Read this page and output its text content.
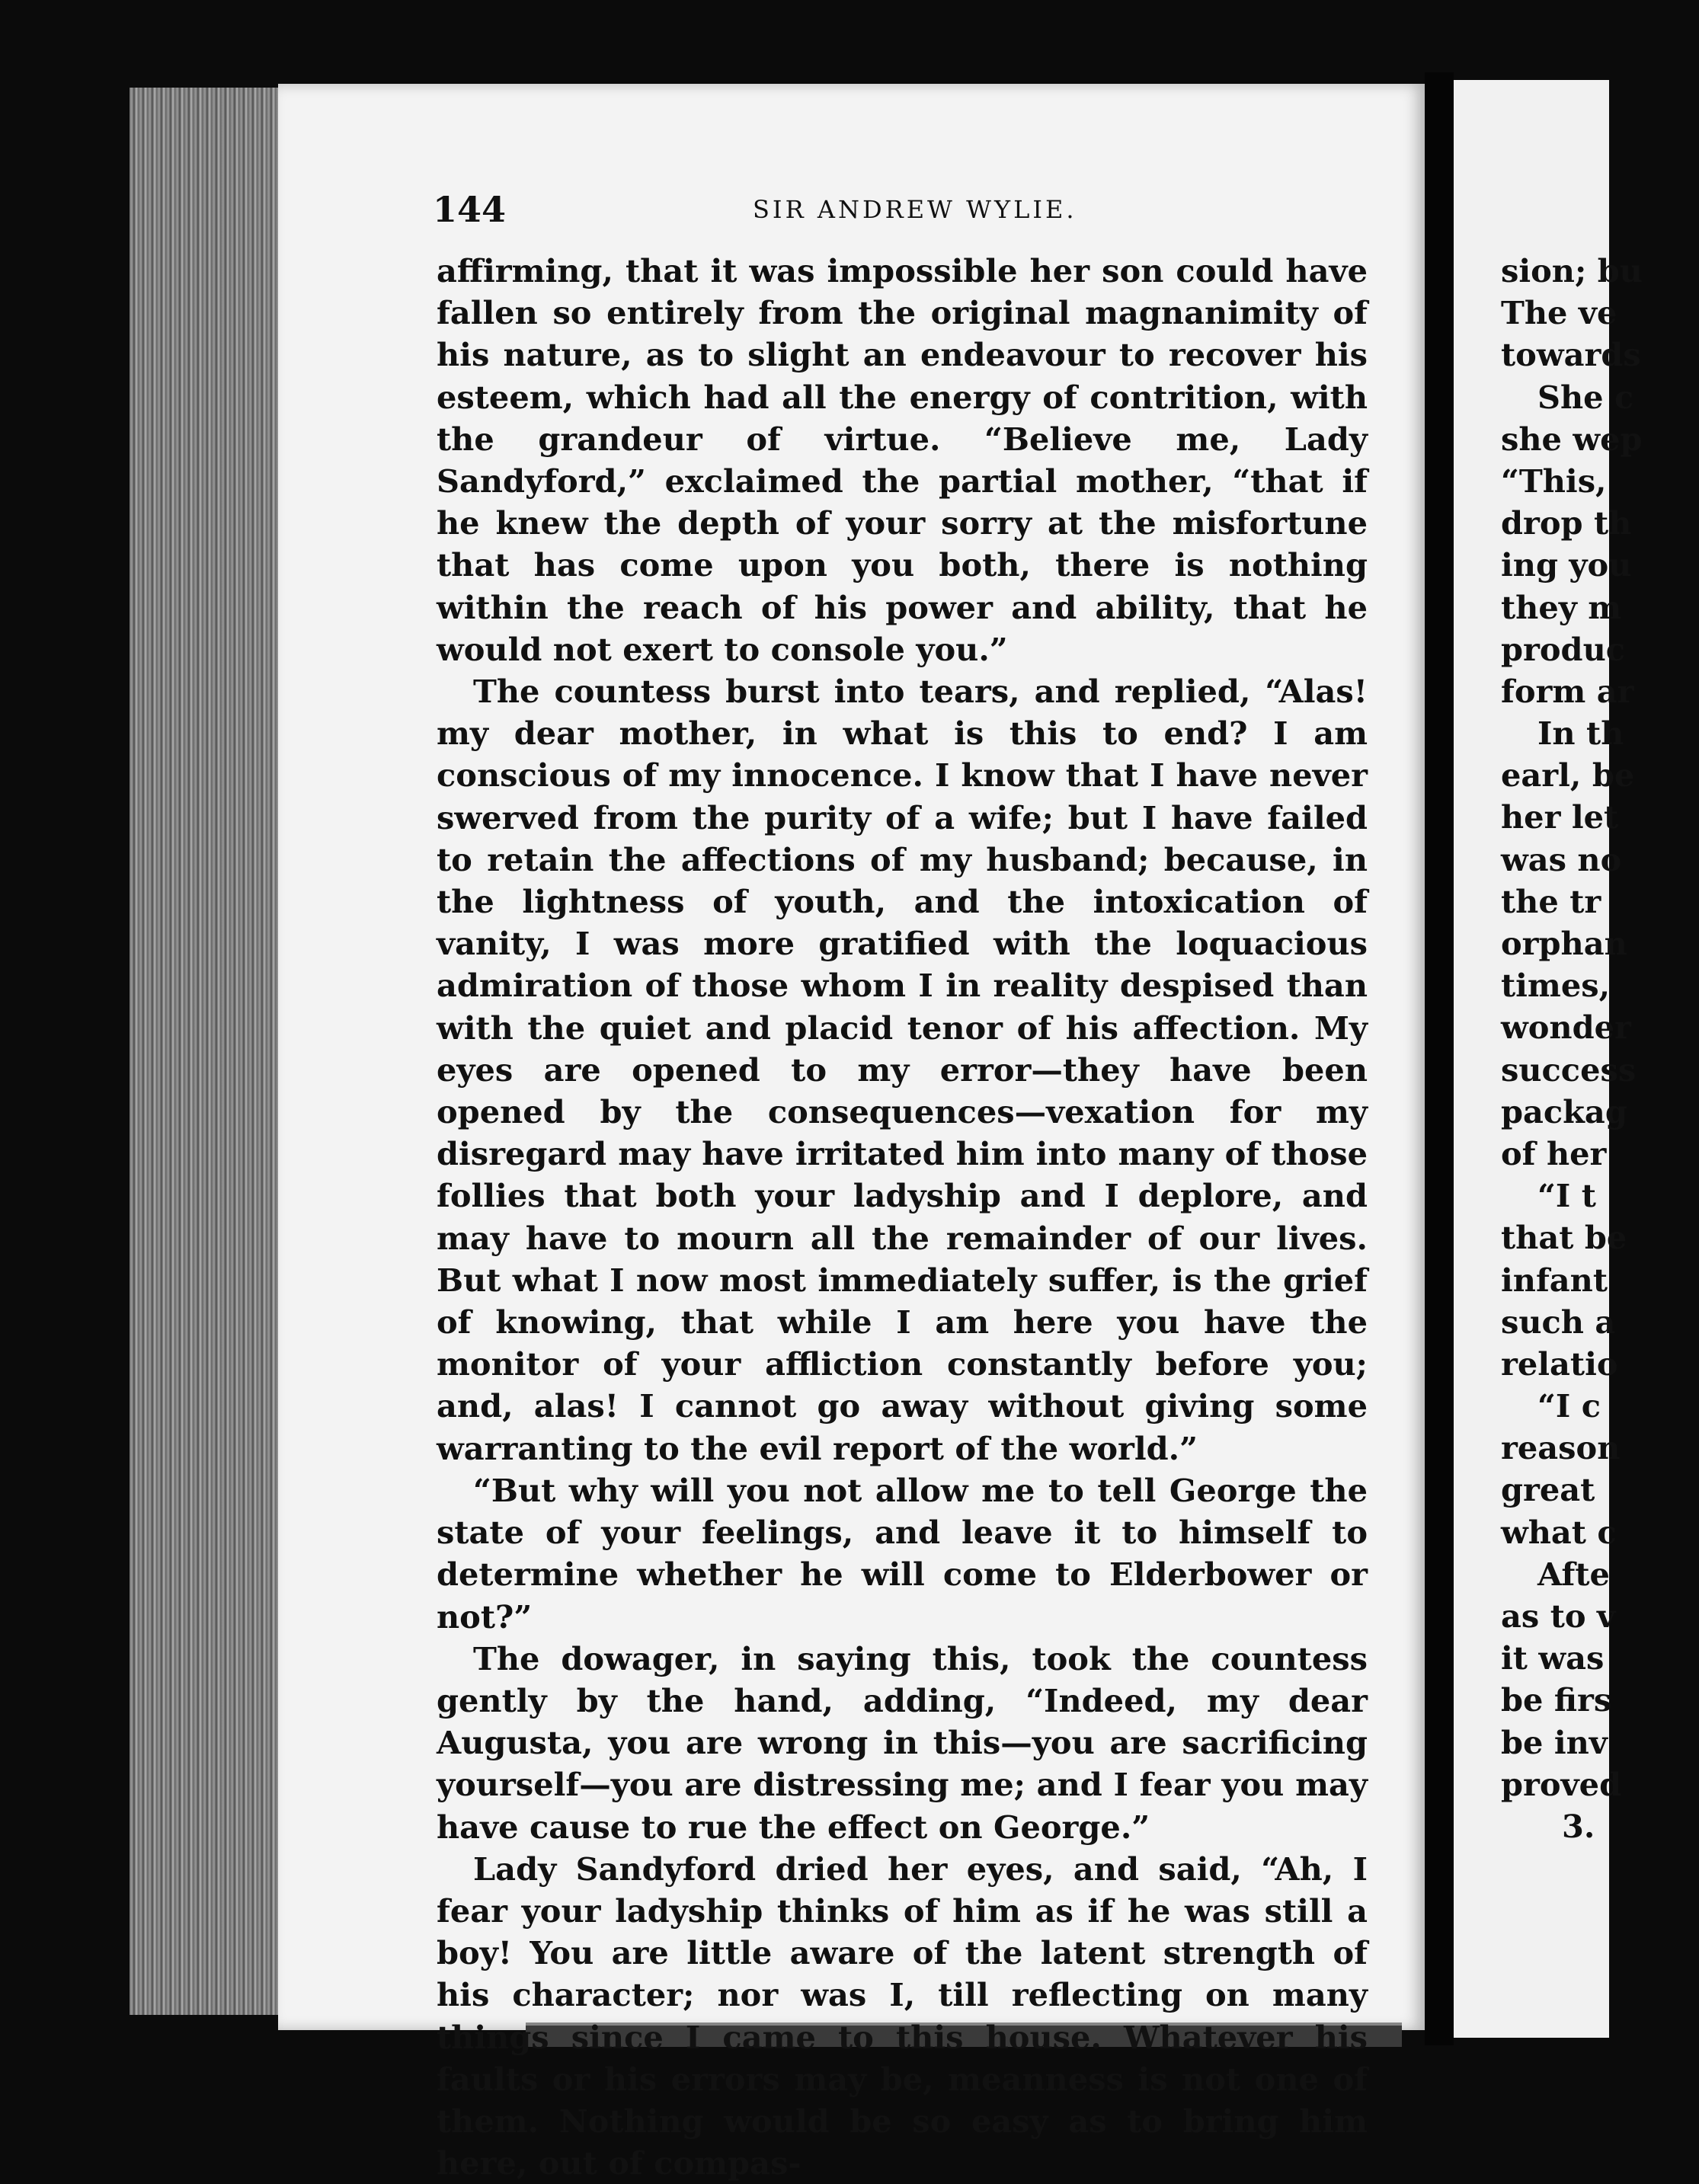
144	SIR ANDREW WYLIE.

affirming, that it was impossible her son could have fallen so entirely from the original magnanimity of his nature, as to slight an endeavour to recover his esteem, which had all the energy of contrition, with the grandeur of virtue. “Believe me, Lady Sandyford,” exclaimed the partial mother, “that if he knew the depth of your sorry at the misfortune that has come upon you both, there is nothing within the reach of his power and ability, that he would not exert to console you.”

The countess burst into tears, and replied, “Alas! my dear mother, in what is this to end? I am conscious of my innocence. I know that I have never swerved from the purity of a wife; but I have failed to retain the affections of my husband; because, in the lightness of youth, and the intoxication of vanity, I was more gratified with the loquacious admiration of those whom I in reality despised than with the quiet and placid tenor of his affection. My eyes are opened to my error—they have been opened by the consequences—vexation for my disregard may have irritated him into many of those follies that both your ladyship and I deplore, and may have to mourn all the remainder of our lives. But what I now most immediately suffer, is the grief of knowing, that while I am here you have the monitor of your affliction constantly before you; and, alas! I cannot go away without giving some warranting to the evil report of the world.”

“But why will you not allow me to tell George the state of your feelings, and leave it to himself to determine whether he will come to Elderbower or not?”

The dowager, in saying this, took the countess gently by the hand, adding, “Indeed, my dear Augusta, you are wrong in this—you are sacrificing yourself—you are distressing me; and I fear you may have cause to rue the effect on George.”

Lady Sandyford dried her eyes, and said, “Ah, I fear your ladyship thinks of him as if he was still a boy! You are little aware of the latent strength of his character; nor was I, till reflecting on many things since I came to this house. Whatever his faults or his errors may be, meanness is not one of them. Nothing would be so easy as to bring him here, out of compas-

sion; bu
The ve
towards
She c
she wep
“This,
drop th
ing you
they m
produc
form ar
In th
earl, be
her let
was no
the tr
orphan
times,
wonder
success
packag
of her
“I t
that be
infant
such a
relatio
“I c
reason
great
what c
Afte
as to v
it was
be firs
be inv
proved
3.
